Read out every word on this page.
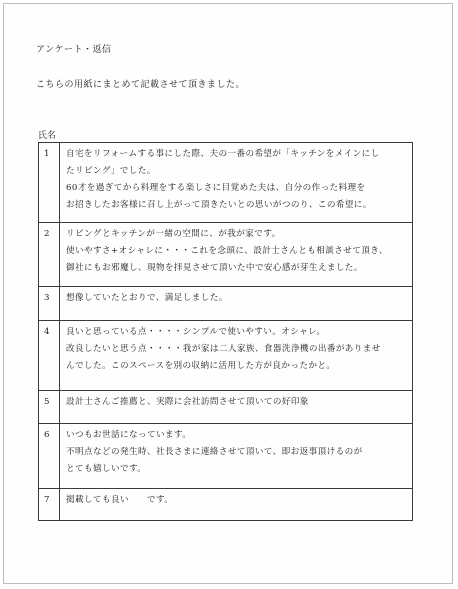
アンケート・返信
こちらの用紙にまとめて記載させて頂きました。
氏名
1	自宅をリフォームする事にした際、夫の一番の希望が「キッチンをメインにし
たリビング」でした。
60才を過ぎてから料理をする楽しさに目覚めた夫は、自分の作った料理を
お招きしたお客様に召し上がって頂きたいとの思いがつのり、この希望に。

2	リビングとキッチンが一緒の空間に、が我が家です。
使いやすさ+オシャレに・・・これを念頭に、設計士さんとも相談させて頂き、
御社にもお邪魔し、現物を拝見させて頂いた中で安心感が芽生えました。

3	想像していたとおりで、満足しました。

4	良いと思っている点・・・・シンプルで使いやすい。オシャレ。
改良したいと思う点・・・・我が家は二人家族、食器洗浄機の出番がありませ
んでした。このスペースを別の収納に活用した方が良かったかと。

5	設計士さんご推薦と、実際に会社訪問させて頂いての好印象

6	いつもお世話になっています。
不明点などの発生時、社長さまに連絡させて頂いて、即お返事頂けるのが
とても嬉しいです。

7	掲載しても良い　　です。
